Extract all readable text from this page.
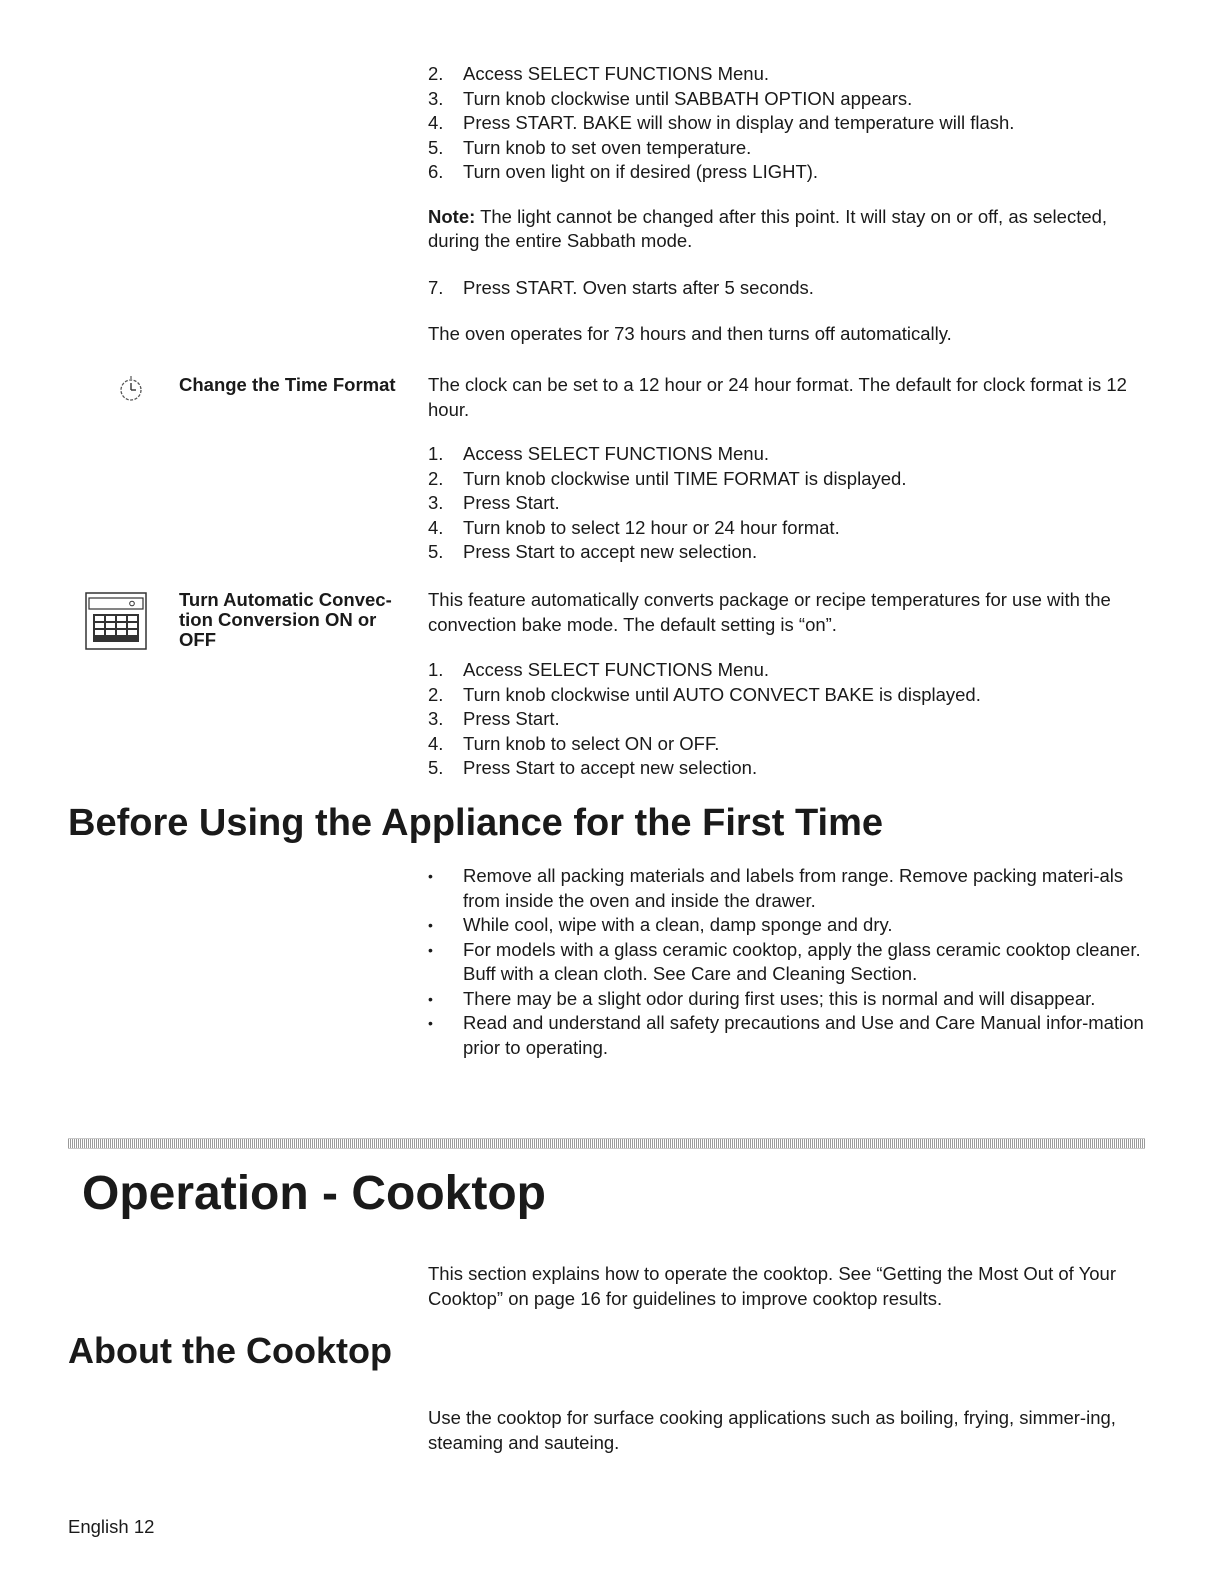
2. Access SELECT FUNCTIONS Menu.
3. Turn knob clockwise until SABBATH OPTION appears.
4. Press START. BAKE will show in display and temperature will flash.
5. Turn knob to set oven temperature.
6. Turn oven light on if desired (press LIGHT).

Note: The light cannot be changed after this point. It will stay on or off, as selected, during the entire Sabbath mode.

7. Press START. Oven starts after 5 seconds.

The oven operates for 73 hours and then turns off automatically.

Change the Time Format	The clock can be set to a 12 hour or 24 hour format. The default for clock format is 12 hour.

1. Access SELECT FUNCTIONS Menu.
2. Turn knob clockwise until TIME FORMAT is displayed.
3. Press Start.
4. Turn knob to select 12 hour or 24 hour format.
5. Press Start to accept new selection.
Turn Automatic Convec-tion Conversion ON or OFF

This feature automatically converts package or recipe temperatures for use with the convection bake mode. The default setting is “on”.

1. Access SELECT FUNCTIONS Menu.
2. Turn knob clockwise until AUTO CONVECT BAKE is displayed.
3. Press Start.
4. Turn knob to select ON or OFF.
5. Press Start to accept new selection.
Before Using the Appliance for the First Time
• Remove all packing materials and labels from range. Remove packing materi-als from inside the oven and inside the drawer.
• While cool, wipe with a clean, damp sponge and dry.
• For models with a glass ceramic cooktop, apply the glass ceramic cooktop cleaner. Buff with a clean cloth. See Care and Cleaning Section.
• There may be a slight odor during first uses; this is normal and will disappear.
• Read and understand all safety precautions and Use and Care Manual infor-mation prior to operating.
Operation - Cooktop
This section explains how to operate the cooktop. See “Getting the Most Out of Your Cooktop” on page 16 for guidelines to improve cooktop results.
About the Cooktop
Use the cooktop for surface cooking applications such as boiling, frying, simmer-ing, steaming and sauteing.
English 12
